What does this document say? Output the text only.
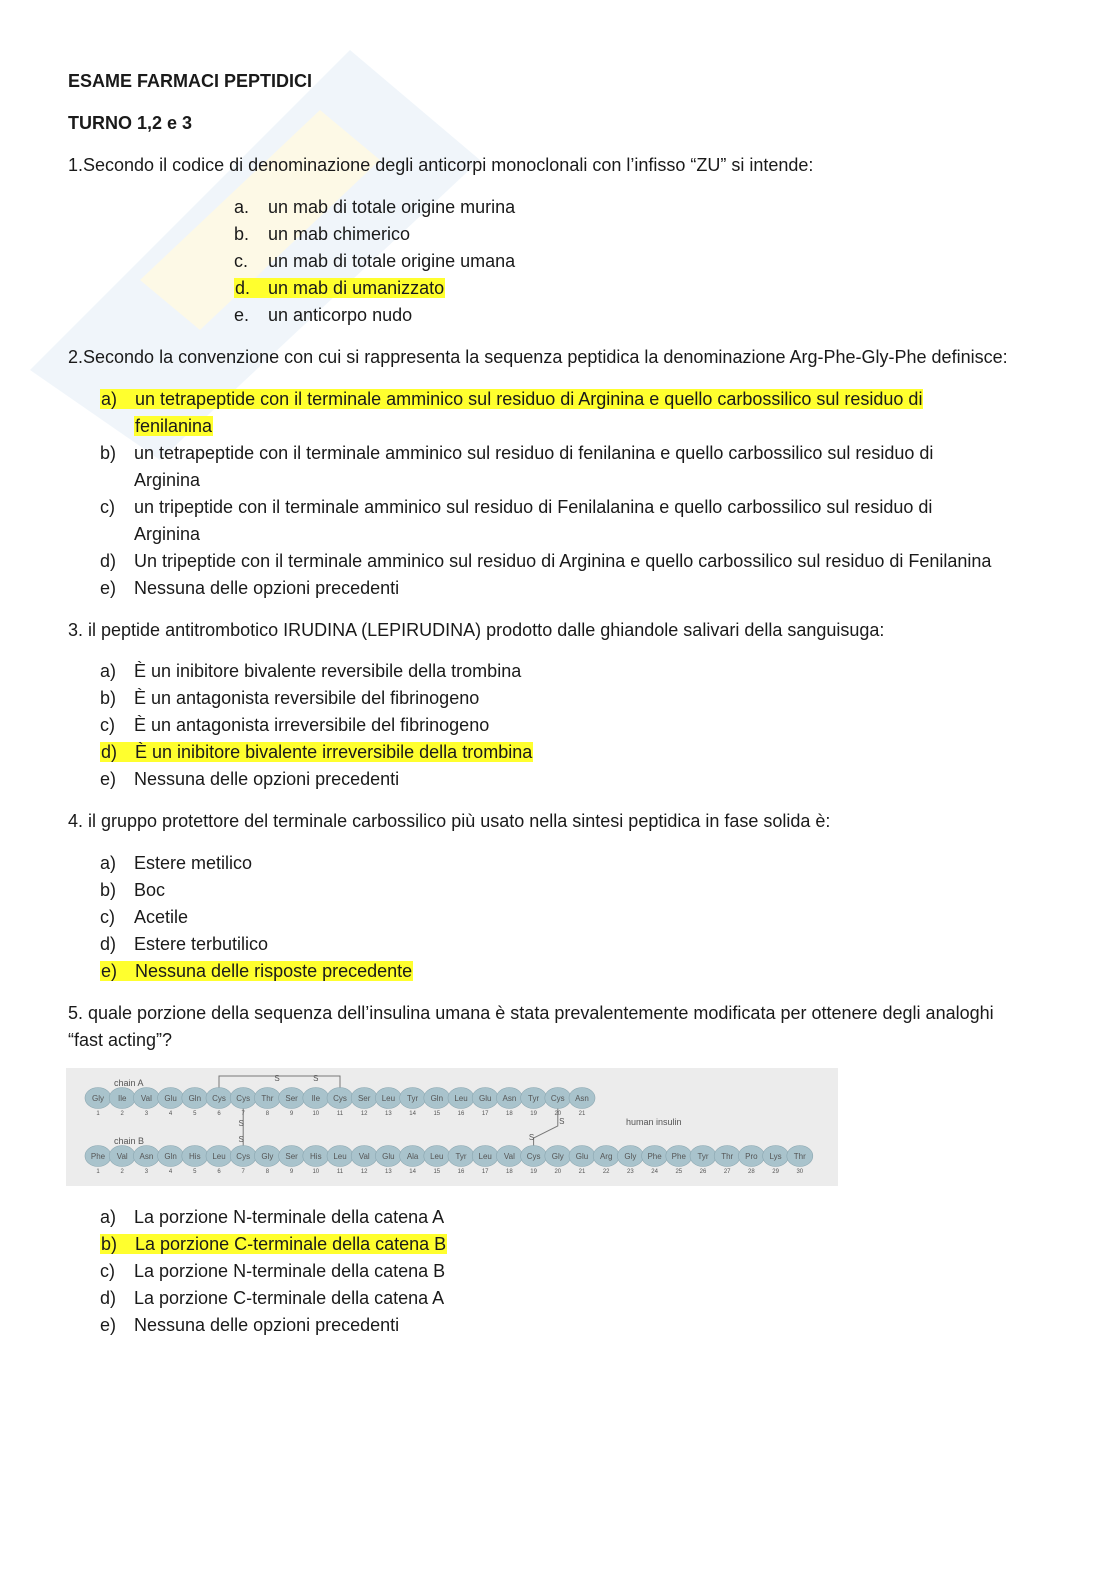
ESAME FARMACI PEPTIDICI
TURNO 1,2 e 3
1.Secondo il codice di denominazione degli anticorpi monoclonali con l’infisso “ZU” si intende:
a. un mab di totale origine murina
b. un mab chimerico
c. un mab di totale origine umana
d. un mab di umanizzato
e. un anticorpo nudo
2.Secondo la convenzione con cui si rappresenta la sequenza peptidica la denominazione Arg-Phe-Gly-Phe definisce:
a) un tetrapeptide con il terminale amminico sul residuo di Arginina e quello carbossilico sul residuo di
fenilanina
b) un tetrapeptide con il terminale amminico sul residuo di fenilanina e quello carbossilico sul residuo di
Arginina
c) un tripeptide con il terminale amminico sul residuo di Fenilalanina e quello carbossilico sul residuo di
Arginina
d) Un tripeptide con il terminale amminico sul residuo di Arginina e quello carbossilico sul residuo di Fenilanina
e) Nessuna delle opzioni precedenti
3. il peptide antitrombotico IRUDINA (LEPIRUDINA) prodotto dalle ghiandole salivari della sanguisuga:
a) È un inibitore bivalente reversibile della trombina
b) È un antagonista reversibile del fibrinogeno
c) È un antagonista irreversibile del fibrinogeno
d) È un inibitore bivalente irreversibile della trombina
e) Nessuna delle opzioni precedenti
4. il gruppo protettore del terminale carbossilico più usato nella sintesi peptidica in fase solida è:
a) Estere metilico
b) Boc
c) Acetile
d) Estere terbutilico
e) Nessuna delle risposte precedente
5. quale porzione della sequenza dell’insulina umana è stata prevalentemente modificata per ottenere degli analoghi
“fast acting”?
S	S
S
S
S
S
chain A
chain B
human insulin
Gly
1
Ile
2
Val
3
Glu
4
Gln
5
Cys
6
Cys
7
Thr
8
Ser
9
Ile
10
Cys
11
Ser
12
Leu
13
Tyr
14
Gln
15
Leu
16
Glu
17
Asn
18
Tyr
19
Cys
20
Asn
21
Phe
1
Val
2
Asn
3
Gln
4
His
5
Leu
6
Cys
7
Gly
8
Ser
9
His
10
Leu
11
Val
12
Glu
13
Ala
14
Leu
15
Tyr
16
Leu
17
Val
18
Cys
19
Gly
20
Glu
21
Arg
22
Gly
23
Phe
24
Phe
25
Tyr
26
Thr
27
Pro
28
Lys
29
Thr
30
a) La porzione N-terminale della catena A
b) La porzione C-terminale della catena B
c) La porzione N-terminale della catena B
d) La porzione C-terminale della catena A
e) Nessuna delle opzioni precedenti
